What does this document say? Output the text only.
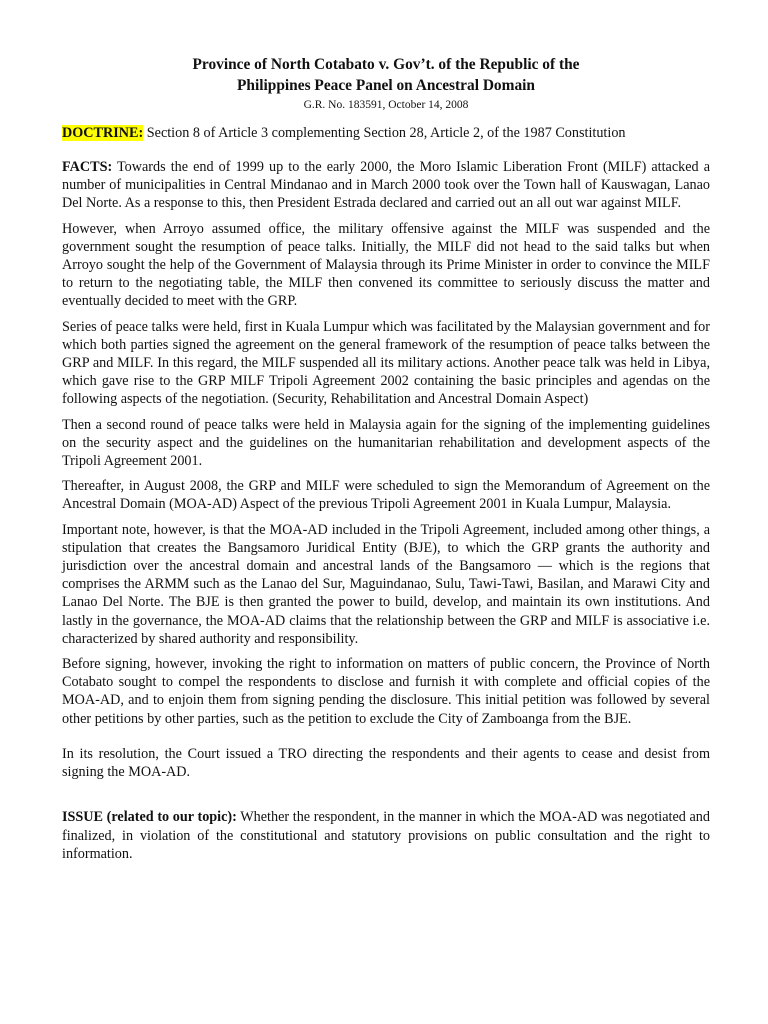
Province of North Cotabato v. Gov’t. of the Republic of the
Philippines Peace Panel on Ancestral Domain
G.R. No. 183591, October 14, 2008
DOCTRINE: Section 8 of Article 3 complementing Section 28, Article 2, of the 1987 Constitution

FACTS: Towards the end of 1999 up to the early 2000, the Moro Islamic Liberation Front (MILF) attacked a number of municipalities in Central Mindanao and in March 2000 took over the Town hall of Kauswagan, Lanao Del Norte. As a response to this, then President Estrada declared and carried out an all out war against MILF.

However, when Arroyo assumed office, the military offensive against the MILF was suspended and the government sought the resumption of peace talks. Initially, the MILF did not head to the said talks but when Arroyo sought the help of the Government of Malaysia through its Prime Minister in order to convince the MILF to return to the negotiating table, the MILF then convened its committee to seriously discuss the matter and eventually decided to meet with the GRP.

Series of peace talks were held, first in Kuala Lumpur which was facilitated by the Malaysian government and for which both parties signed the agreement on the general framework of the resumption of peace talks between the GRP and MILF. In this regard, the MILF suspended all its military actions. Another peace talk was held in Libya, which gave rise to the GRP MILF Tripoli Agreement 2002 containing the basic principles and agendas on the following aspects of the negotiation. (Security, Rehabilitation and Ancestral Domain Aspect)

Then a second round of peace talks were held in Malaysia again for the signing of the implementing guidelines on the security aspect and the guidelines on the humanitarian rehabilitation and development aspects of the Tripoli Agreement 2001.

Thereafter, in August 2008, the GRP and MILF were scheduled to sign the Memorandum of Agreement on the Ancestral Domain (MOA-AD) Aspect of the previous Tripoli Agreement 2001 in Kuala Lumpur, Malaysia.

Important note, however, is that the MOA-AD included in the Tripoli Agreement, included among other things, a stipulation that creates the Bangsamoro Juridical Entity (BJE), to which the GRP grants the authority and jurisdiction over the ancestral domain and ancestral lands of the Bangsamoro — which is the regions that comprises the ARMM such as the Lanao del Sur, Maguindanao, Sulu, Tawi-Tawi, Basilan, and Marawi City and Lanao Del Norte. The BJE is then granted the power to build, develop, and maintain its own institutions. And lastly in the governance, the MOA-AD claims that the relationship between the GRP and MILF is associative i.e. characterized by shared authority and responsibility.

Before signing, however, invoking the right to information on matters of public concern, the Province of North Cotabato sought to compel the respondents to disclose and furnish it with complete and official copies of the MOA-AD, and to enjoin them from signing pending the disclosure. This initial petition was followed by several other petitions by other parties, such as the petition to exclude the City of Zamboanga from the BJE.

In its resolution, the Court issued a TRO directing the respondents and their agents to cease and desist from signing the MOA-AD.

ISSUE (related to our topic): Whether the respondent, in the manner in which the MOA-AD was negotiated and finalized, in violation of the constitutional and statutory provisions on public consultation and the right to information.
